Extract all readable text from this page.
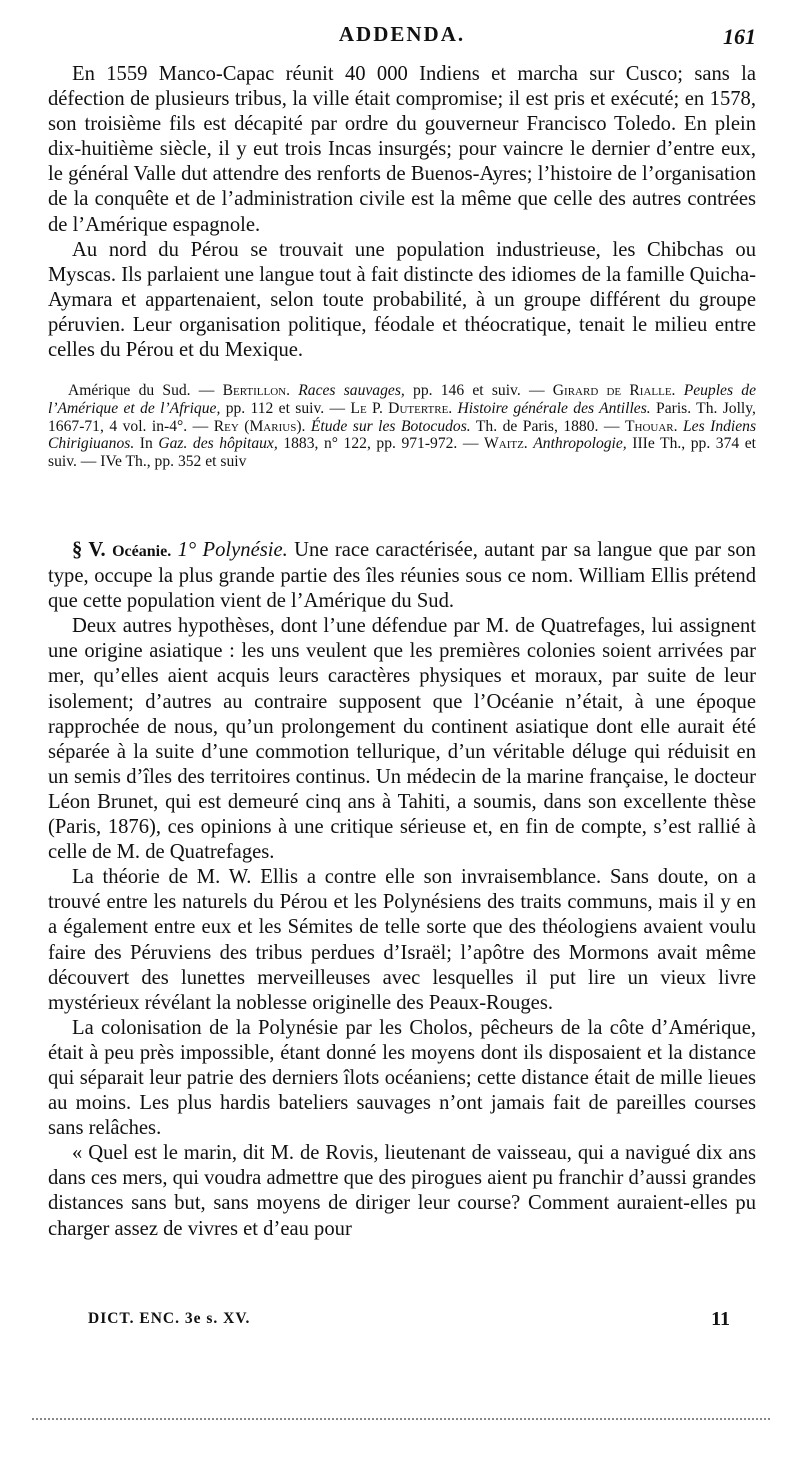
ADDENDA.	161

En 1559 Manco-Capac réunit 40 000 Indiens et marcha sur Cusco; sans la défection de plusieurs tribus, la ville était compromise; il est pris et exécuté; en 1578, son troisième fils est décapité par ordre du gouverneur Francisco Toledo. En plein dix-huitième siècle, il y eut trois Incas insurgés; pour vaincre le dernier d’entre eux, le général Valle dut attendre des renforts de Buenos-Ayres; l’histoire de l’organisation de la conquête et de l’administration civile est la même que celle des autres contrées de l’Amérique espagnole.

Au nord du Pérou se trouvait une population industrieuse, les Chibchas ou Myscas. Ils parlaient une langue tout à fait distincte des idiomes de la famille Quicha-Aymara et appartenaient, selon toute probabilité, à un groupe différent du groupe péruvien. Leur organisation politique, féodale et théocratique, tenait le milieu entre celles du Pérou et du Mexique.

Amérique du Sud. — Bertillon. Races sauvages, pp. 146 et suiv. — Girard de Rialle. Peuples de l’Amérique et de l’Afrique, pp. 112 et suiv. — Le P. Dutertre. Histoire générale des Antilles. Paris. Th. Jolly, 1667-71, 4 vol. in-4°. — Rey (Marius). Étude sur les Botocudos. Th. de Paris, 1880. — Thouar. Les Indiens Chirigiuanos. In Gaz. des hôpitaux, 1883, n° 122, pp. 971-972. — Waitz. Anthropologie, IIIe Th., pp. 374 et suiv. — IVe Th., pp. 352 et suiv

§ V. Océanie. 1° Polynésie. Une race caractérisée, autant par sa langue que par son type, occupe la plus grande partie des îles réunies sous ce nom. William Ellis prétend que cette population vient de l’Amérique du Sud.

Deux autres hypothèses, dont l’une défendue par M. de Quatrefages, lui assignent une origine asiatique : les uns veulent que les premières colonies soient arrivées par mer, qu’elles aient acquis leurs caractères physiques et moraux, par suite de leur isolement; d’autres au contraire supposent que l’Océanie n’était, à une époque rapprochée de nous, qu’un prolongement du continent asiatique dont elle aurait été séparée à la suite d’une commotion tellurique, d’un véritable déluge qui réduisit en un semis d’îles des territoires continus. Un médecin de la marine française, le docteur Léon Brunet, qui est demeuré cinq ans à Tahiti, a soumis, dans son excellente thèse (Paris, 1876), ces opinions à une critique sérieuse et, en fin de compte, s’est rallié à celle de M. de Quatrefages.

La théorie de M. W. Ellis a contre elle son invraisemblance. Sans doute, on a trouvé entre les naturels du Pérou et les Polynésiens des traits communs, mais il y en a également entre eux et les Sémites de telle sorte que des théologiens avaient voulu faire des Péruviens des tribus perdues d’Israël; l’apôtre des Mormons avait même découvert des lunettes merveilleuses avec lesquelles il put lire un vieux livre mystérieux révélant la noblesse originelle des Peaux-Rouges.

La colonisation de la Polynésie par les Cholos, pêcheurs de la côte d’Amérique, était à peu près impossible, étant donné les moyens dont ils disposaient et la distance qui séparait leur patrie des derniers îlots océaniens; cette distance était de mille lieues au moins. Les plus hardis bateliers sauvages n’ont jamais fait de pareilles courses sans relâches.

« Quel est le marin, dit M. de Rovis, lieutenant de vaisseau, qui a navigué dix ans dans ces mers, qui voudra admettre que des pirogues aient pu franchir d’aussi grandes distances sans but, sans moyens de diriger leur course? Comment auraient-elles pu charger assez de vivres et d’eau pour

DICT. ENC. 3e s. XV.	11
